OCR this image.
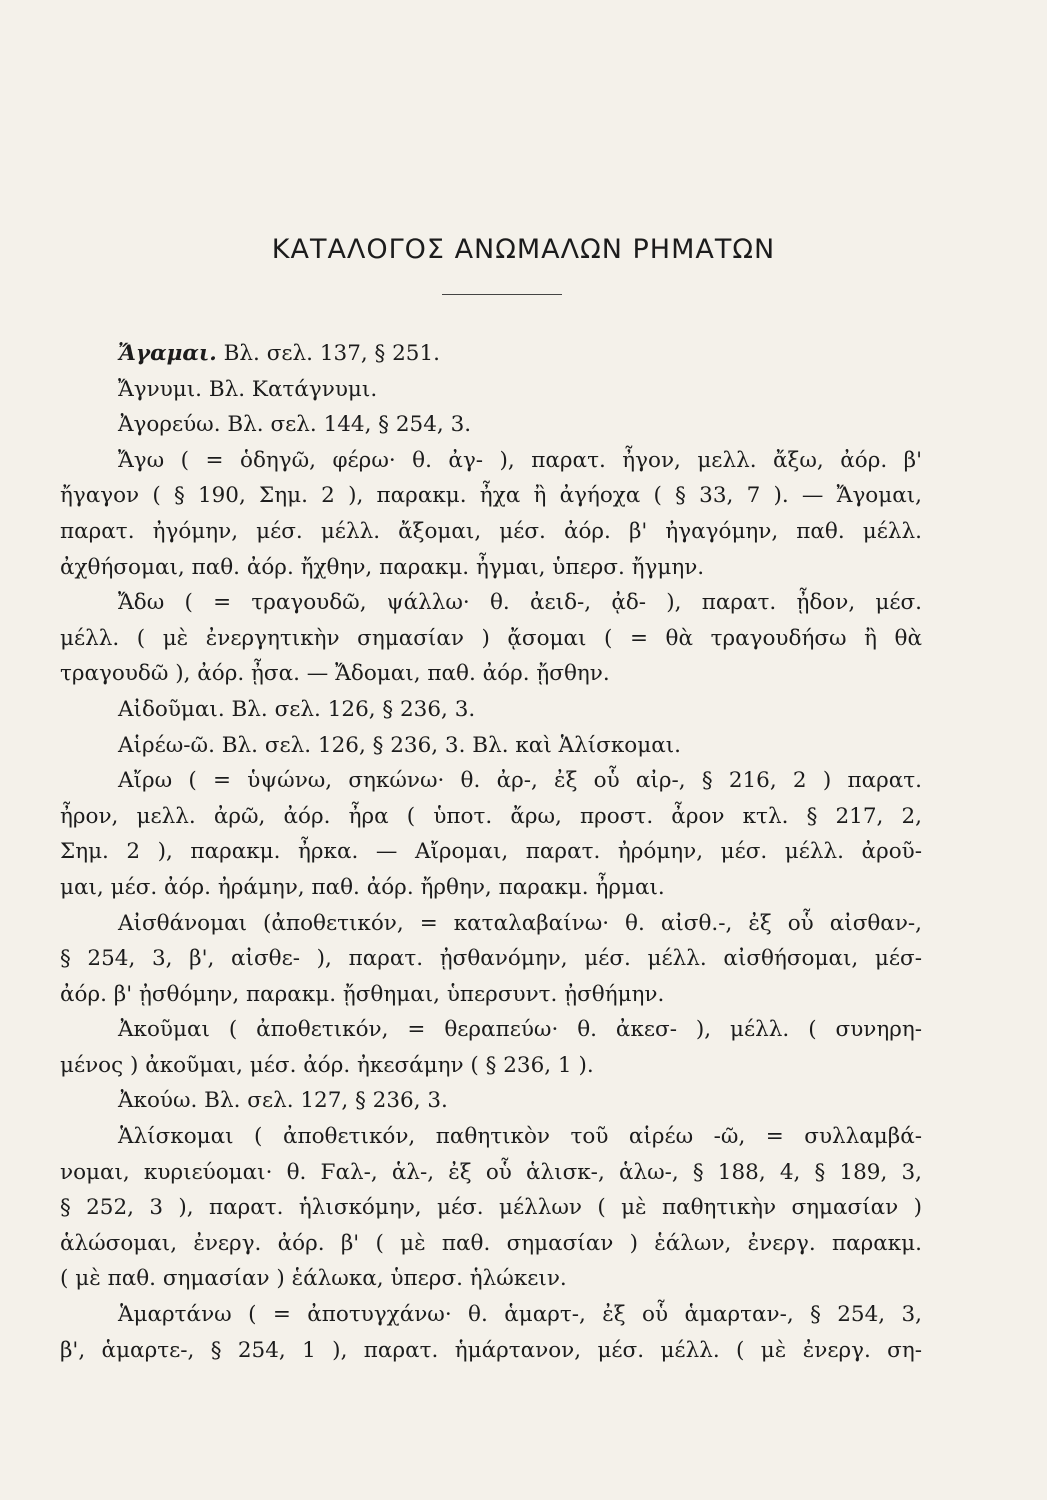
ΚΑΤΑΛΟΓΟΣ ΑΝΩΜΑΛΩΝ ΡΗΜΑΤΩΝ
Ἄγαμαι. Βλ. σελ. 137, § 251.
Ἄγνυμι. Βλ. Κατάγνυμι.
Ἀγορεύω. Βλ. σελ. 144, § 254, 3.
Ἄγω ( = ὁδηγῶ, φέρω· θ. ἀγ- ), παρατ. ἦγον, μελλ. ἄξω, ἀόρ. β'
ἤγαγον ( § 190, Σημ. 2 ), παρακμ. ἦχα ἢ ἀγήοχα ( § 33, 7 ). — Ἄγομαι,
παρατ. ἠγόμην, μέσ. μέλλ. ἄξομαι, μέσ. ἀόρ. β' ἠγαγόμην, παθ. μέλλ.
ἀχθήσομαι, παθ. ἀόρ. ἤχθην, παρακμ. ἦγμαι, ὑπερσ. ἤγμην.
Ἄδω ( = τραγουδῶ, ψάλλω· θ. ἀειδ-, ᾀδ- ), παρατ. ᾖδον, μέσ.
μέλλ. ( μὲ ἐνεργητικὴν σημασίαν ) ᾄσομαι ( = θὰ τραγουδήσω ἢ θὰ
τραγουδῶ ), ἀόρ. ᾖσα. — Ἄδομαι, παθ. ἀόρ. ᾔσθην.
Αἰδοῦμαι. Βλ. σελ. 126, § 236, 3.
Αἱρέω-ῶ. Βλ. σελ. 126, § 236, 3. Βλ. καὶ Ἁλίσκομαι.
Αἴρω ( = ὑψώνω, σηκώνω· θ. ἀρ-, ἐξ οὗ αἰρ-, § 216, 2 ) παρατ.
ἦρον, μελλ. ἀρῶ, ἀόρ. ἦρα ( ὑποτ. ἄρω, προστ. ἆρον κτλ. § 217, 2,
Σημ. 2 ), παρακμ. ἦρκα. — Αἴρομαι, παρατ. ἠρόμην, μέσ. μέλλ. ἀροῦ-
μαι, μέσ. ἀόρ. ἠράμην, παθ. ἀόρ. ἤρθην, παρακμ. ἦρμαι.
Αἰσθάνομαι (ἀποθετικόν, = καταλαβαίνω· θ. αἰσθ.-, ἐξ οὗ αἰσθαν-,
§ 254, 3, β', αἰσθε- ), παρατ. ᾐσθανόμην, μέσ. μέλλ. αἰσθήσομαι, μέσ-
ἀόρ. β' ᾐσθόμην, παρακμ. ᾔσθημαι, ὑπερσυντ. ᾐσθήμην.
Ἀκοῦμαι ( ἀποθετικόν, = θεραπεύω· θ. ἀκεσ- ), μέλλ. ( συνηρη-
μένος ) ἀκοῦμαι, μέσ. ἀόρ. ἠκεσάμην ( § 236, 1 ).
Ἀκούω. Βλ. σελ. 127, § 236, 3.
Ἁλίσκομαι ( ἀποθετικόν, παθητικὸν τοῦ αἱρέω -ῶ, = συλλαμβά-
νομαι, κυριεύομαι· θ. Ϝαλ-, ἁλ-, ἐξ οὗ ἁλισκ-, ἁλω-, § 188, 4, § 189, 3,
§ 252, 3 ), παρατ. ἡλισκόμην, μέσ. μέλλων ( μὲ παθητικὴν σημασίαν )
ἁλώσομαι, ἐνεργ. ἀόρ. β' ( μὲ παθ. σημασίαν ) ἑάλων, ἐνεργ. παρακμ.
( μὲ παθ. σημασίαν ) ἑάλωκα, ὑπερσ. ἡλώκειν.
Ἁμαρτάνω ( = ἀποτυγχάνω· θ. ἁμαρτ-, ἐξ οὗ ἁμαρταν-, § 254, 3,
β', ἁμαρτε-, § 254, 1 ), παρατ. ἡμάρτανον, μέσ. μέλλ. ( μὲ ἐνεργ. ση-
